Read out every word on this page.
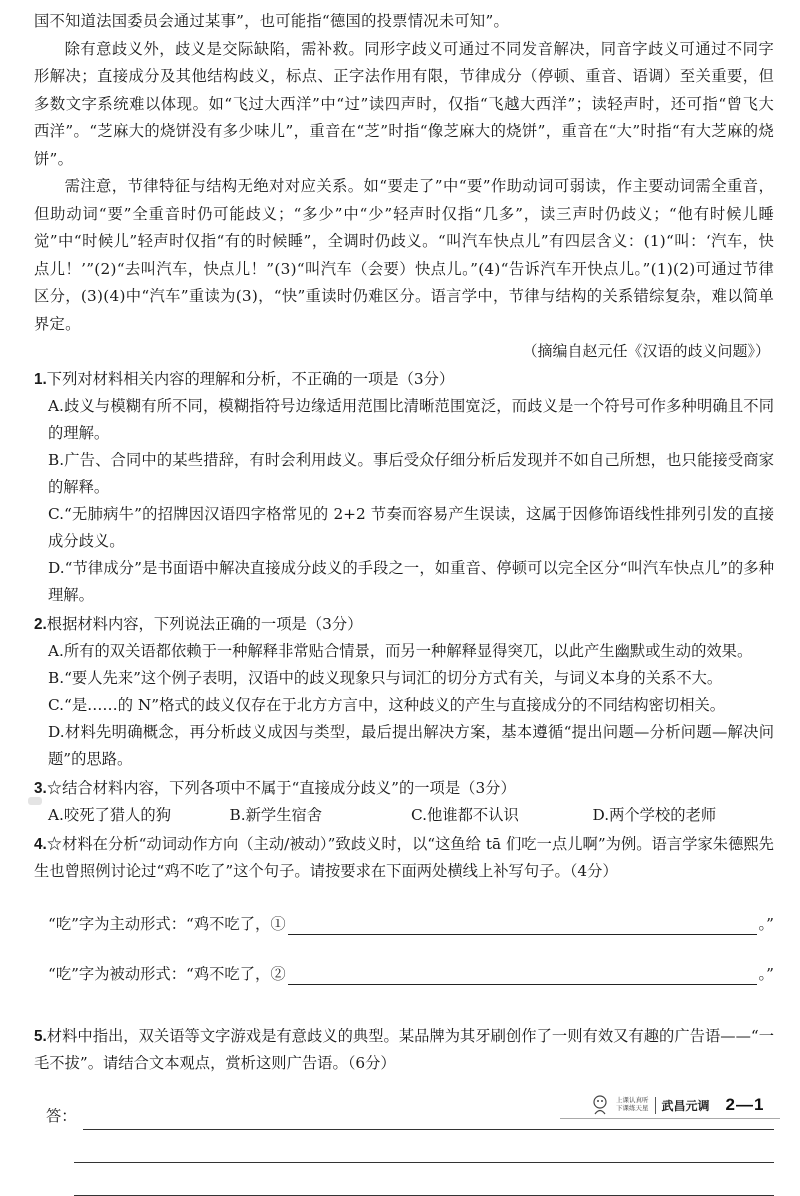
国不知道法国委员会通过某事”，也可能指“德国的投票情况未可知”。

除有意歧义外，歧义是交际缺陷，需补救。同形字歧义可通过不同发音解决，同音字歧义可通过不同字形解决；直接成分及其他结构歧义，标点、正字法作用有限，节律成分（停顿、重音、语调）至关重要，但多数文字系统难以体现。如“飞过大西洋”中“过”读四声时，仅指“飞越大西洋”；读轻声时，还可指“曾飞大西洋”。“芝麻大的烧饼没有多少味儿”，重音在“芝”时指“像芝麻大的烧饼”，重音在“大”时指“有大芝麻的烧饼”。

需注意，节律特征与结构无绝对对应关系。如“要走了”中“要”作助动词可弱读，作主要动词需全重音，但助动词“要”全重音时仍可能歧义；“多少”中“少”轻声时仅指“几多”，读三声时仍歧义；“他有时候儿睡觉”中“时候儿”轻声时仅指“有的时候睡”，全调时仍歧义。“叫汽车快点儿”有四层含义：(1)“叫：‘汽车，快点儿！’”(2)“去叫汽车，快点儿！”(3)“叫汽车（会要）快点儿。”(4)“告诉汽车开快点儿。”(1)(2)可通过节律区分，(3)(4)中“汽车”重读为(3)，“快”重读时仍难区分。语言学中，节律与结构的关系错综复杂，难以简单界定。

（摘编自赵元任《汉语的歧义问题》）

1.下列对材料相关内容的理解和分析，不正确的一项是（3分）

A.歧义与模糊有所不同，模糊指符号边缘适用范围比清晰范围宽泛，而歧义是一个符号可作多种明确且不同的理解。

B.广告、合同中的某些措辞，有时会利用歧义。事后受众仔细分析后发现并不如自己所想，也只能接受商家的解释。

C.“无肺病牛”的招牌因汉语四字格常见的 2+2 节奏而容易产生误读，这属于因修饰语线性排列引发的直接成分歧义。

D.“节律成分”是书面语中解决直接成分歧义的手段之一，如重音、停顿可以完全区分“叫汽车快点儿”的多种理解。

2.根据材料内容，下列说法正确的一项是（3分）

A.所有的双关语都依赖于一种解释非常贴合情景，而另一种解释显得突兀，以此产生幽默或生动的效果。

B.“要人先来”这个例子表明，汉语中的歧义现象只与词汇的切分方式有关，与词义本身的关系不大。

C.“是……的 N”格式的歧义仅存在于北方方言中，这种歧义的产生与直接成分的不同结构密切相关。

D.材料先明确概念，再分析歧义成因与类型，最后提出解决方案，基本遵循“提出问题—分析问题—解决问题”的思路。

3.☆结合材料内容，下列各项中不属于“直接成分歧义”的一项是（3分）

A.咬死了猎人的狗	B.新学生宿舍	C.他谁都不认识	D.两个学校的老师

4.☆材料在分析“动词动作方向（主动/被动）”致歧义时，以“这鱼给 tā 们吃一点儿啊”为例。语言学家朱德熙先生也曾照例讨论过“鸡不吃了”这个句子。请按要求在下面两处横线上补写句子。（4分）

“吃”字为主动形式：“鸡不吃了，①	。”
“吃”字为被动形式：“鸡不吃了，②	。”

5.材料中指出，双关语等文字游戏是有意歧义的典型。某品牌为其牙刷创作了一则有效又有趣的广告语——“一毛不拔”。请结合文本观点，赏析这则广告语。（6分）

答：
上课认真听
下课练天星	武昌元调 2—1
